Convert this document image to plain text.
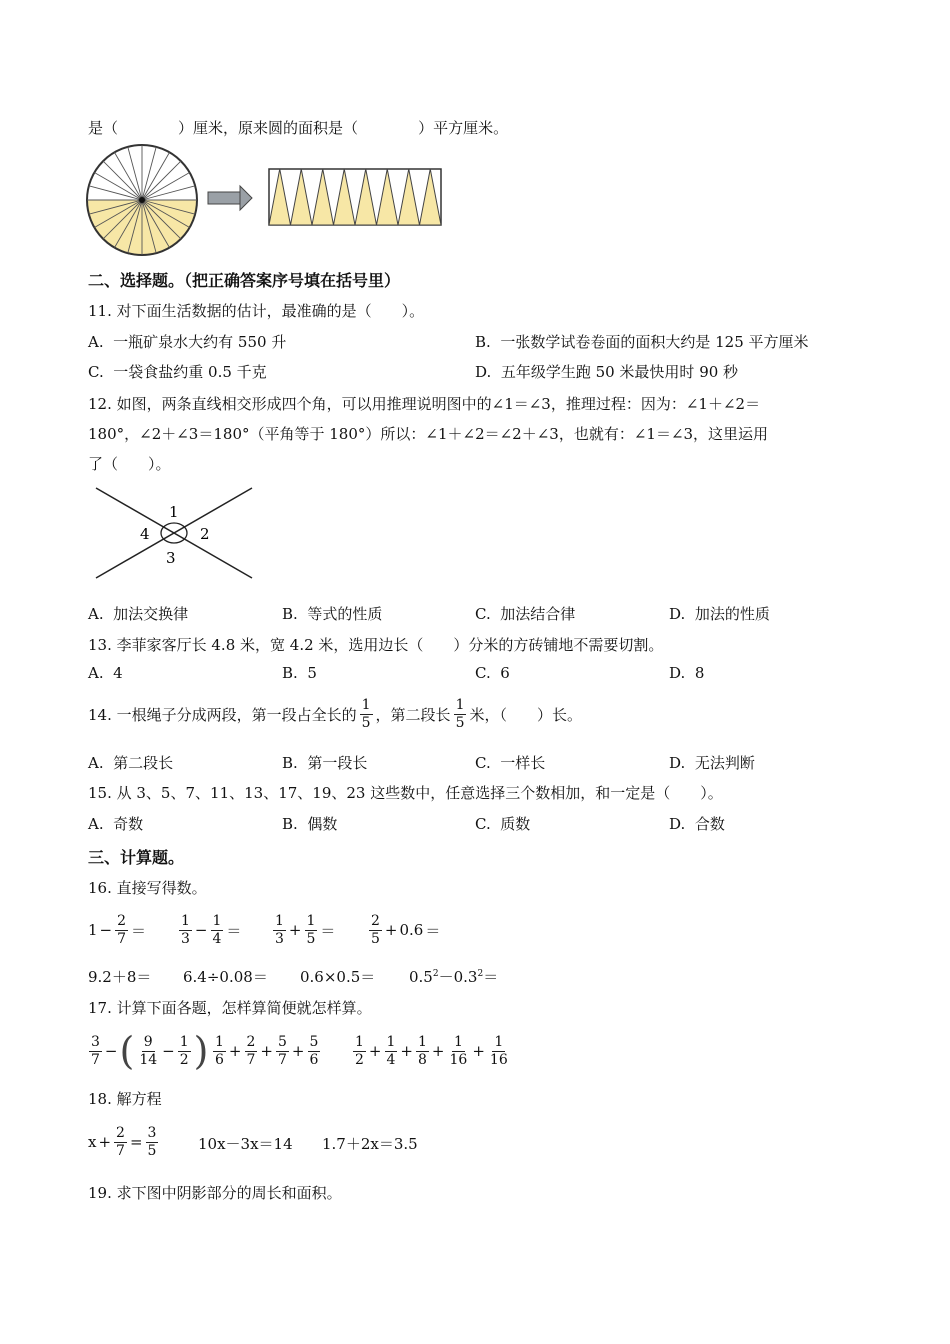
是（　　　　	）厘米，原来圆的面积是（　　　　	）平方厘米。
二、选择题。（把正确答案序号填在括号里）
11. 对下面生活数据的估计，最准确的是（　　）。
A. 一瓶矿泉水大约有 550 升	B. 一张数学试卷卷面的面积大约是 125 平方厘米
C. 一袋食盐约重 0.5 千克	D. 五年级学生跑 50 米最快用时 90 秒
12. 如图，两条直线相交形成四个角，可以用推理说明图中的∠1＝∠3，推理过程：因为：∠1＋∠2＝
180°，∠2＋∠3＝180°（平角等于 180°）所以：∠1＋∠2＝∠2＋∠3，也就有：∠1＝∠3，这里运用
了（　　）。
1
2
3
4
A. 加法交换律	B. 等式的性质	C. 加法结合律	D. 加法的性质
13. 李菲家客厅长 4.8 米，宽 4.2 米，选用边长（　　）分米的方砖铺地不需要切割。
A. 4	B. 5	C. 6	D. 8
14. 一根绳子分成两段，第一段占全长的 $\frac{1}{5}$ ，第二段长 $\frac{1}{5}$ 米，（　　）长。
A. 第二段长	B. 第一段长	C. 一样长	D. 无法判断
15. 从 3、5、7、11、13、17、19、23 这些数中，任意选择三个数相加，和一定是（　　）。
A. 奇数	B. 偶数	C. 质数	D. 合数
三、计算题。
16. 直接写得数。
$1 - \frac{2}{7} = \frac{1}{3} - \frac{1}{4} = \frac{1}{3} + \frac{1}{5} = \frac{2}{5} + 0.6$ ＝
$9.2+8= 6.4\div 0.08= 0.6\times 0.5= 0.5^2-0.3^2=$
17. 计算下面各题，怎样算简便就怎样算。
$\frac{3}{7}$ − ( $\frac{9}{14} - \frac{1}{2}$ ) $\frac{1}{6} + \frac{2}{7} + \frac{5}{7} + \frac{5}{6} \frac{1}{2} + \frac{1}{4} + \frac{1}{8} + \frac{1}{16} + \frac{1}{16}$
18. 解方程
$x + \frac{2}{7} = \frac{3}{5}$	10x－3x＝14 1.7＋2x＝3.5
19. 求下图中阴影部分的周长和面积。
